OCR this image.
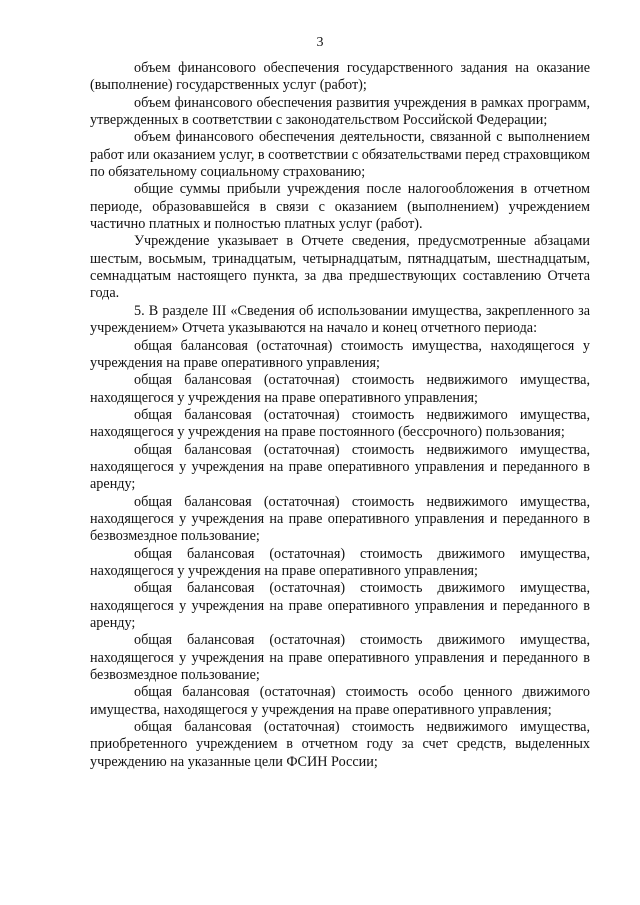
3

объем финансового обеспечения государственного задания на оказание (выполнение) государственных услуг (работ);

объем финансового обеспечения развития учреждения в рамках программ, утвержденных в соответствии с законодательством Российской Федерации;

объем финансового обеспечения деятельности, связанной с выполнением работ или оказанием услуг, в соответствии с обязательствами перед страховщиком по обязательному социальному страхованию;

общие суммы прибыли учреждения после налогообложения в отчетном периоде, образовавшейся в связи с оказанием (выполнением) учреждением частично платных и полностью платных услуг (работ).

Учреждение указывает в Отчете сведения, предусмотренные абзацами шестым, восьмым, тринадцатым, четырнадцатым, пятнадцатым, шестнадцатым, семнадцатым настоящего пункта, за два предшествующих составлению Отчета года.

5. В разделе III «Сведения об использовании имущества, закрепленного за учреждением» Отчета указываются на начало и конец отчетного периода:

общая балансовая (остаточная) стоимость имущества, находящегося у учреждения на праве оперативного управления;

общая балансовая (остаточная) стоимость недвижимого имущества, находящегося у учреждения на праве оперативного управления;

общая балансовая (остаточная) стоимость недвижимого имущества, находящегося у учреждения на праве постоянного (бессрочного) пользования;

общая балансовая (остаточная) стоимость недвижимого имущества, находящегося у учреждения на праве оперативного управления и переданного в аренду;

общая балансовая (остаточная) стоимость недвижимого имущества, находящегося у учреждения на праве оперативного управления и переданного в безвозмездное пользование;

общая балансовая (остаточная) стоимость движимого имущества, находящегося у учреждения на праве оперативного управления;

общая балансовая (остаточная) стоимость движимого имущества, находящегося у учреждения на праве оперативного управления и переданного в аренду;

общая балансовая (остаточная) стоимость движимого имущества, находящегося у учреждения на праве оперативного управления и переданного в безвозмездное пользование;

общая балансовая (остаточная) стоимость особо ценного движимого имущества, находящегося у учреждения на праве оперативного управления;

общая балансовая (остаточная) стоимость недвижимого имущества, приобретенного учреждением в отчетном году за счет средств, выделенных учреждению на указанные цели ФСИН России;
